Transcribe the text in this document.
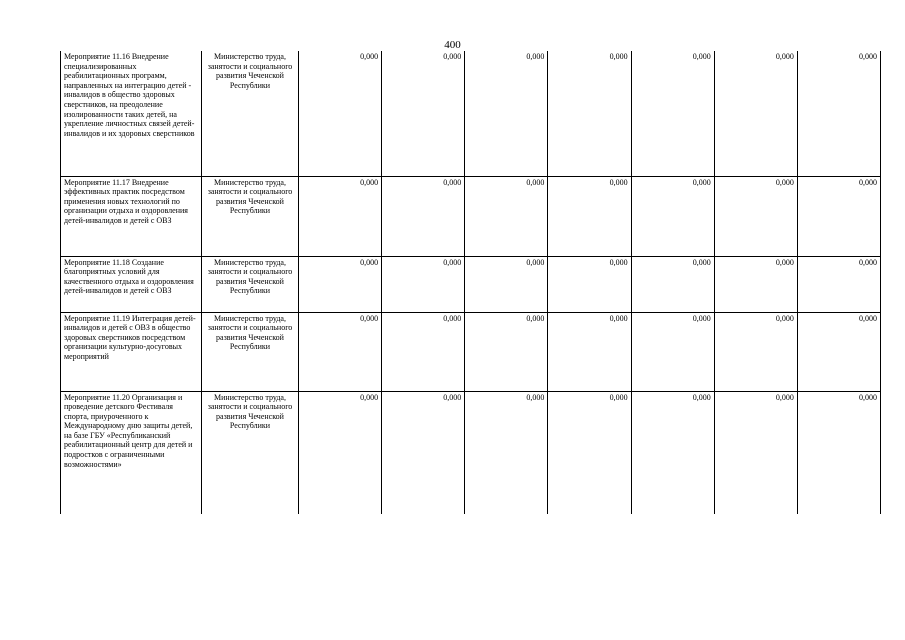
400
Мероприятие 11.16 Внедрение специализированных реабилитационных программ, направленных на интеграцию детей - инвалидов в общество здоровых сверстников, на преодоление изолированности таких детей, на укрепление личностных связей детей-инвалидов и их здоровых сверстников	Министерство труда, занятости и социального развития Чеченской Республики	0,000	0,000	0,000	0,000	0,000	0,000	0,000
Мероприятие 11.17 Внедрение эффективных практик посредством применения новых технологий по организации отдыха и оздоровления детей-инвалидов и детей с ОВЗ	Министерство труда, занятости и социального развития Чеченской Республики	0,000	0,000	0,000	0,000	0,000	0,000	0,000
Мероприятие 11.18 Создание благоприятных условий для качественного отдыха и оздоровления детей-инвалидов и детей с ОВЗ	Министерство труда, занятости и социального развития Чеченской Республики	0,000	0,000	0,000	0,000	0,000	0,000	0,000
Мероприятие 11.19 Интеграция детей-инвалидов и детей с ОВЗ в общество здоровых сверстников посредством организации культурно-досуговых мероприятий	Министерство труда, занятости и социального развития Чеченской Республики	0,000	0,000	0,000	0,000	0,000	0,000	0,000
Мероприятие 11.20 Организация и проведение детского Фестиваля спорта, приуроченного к Международному дню защиты детей, на базе ГБУ «Республиканский реабилитационный центр для детей и подростков с ограниченными возможностями»	Министерство труда, занятости и социального развития Чеченской Республики	0,000	0,000	0,000	0,000	0,000	0,000	0,000
